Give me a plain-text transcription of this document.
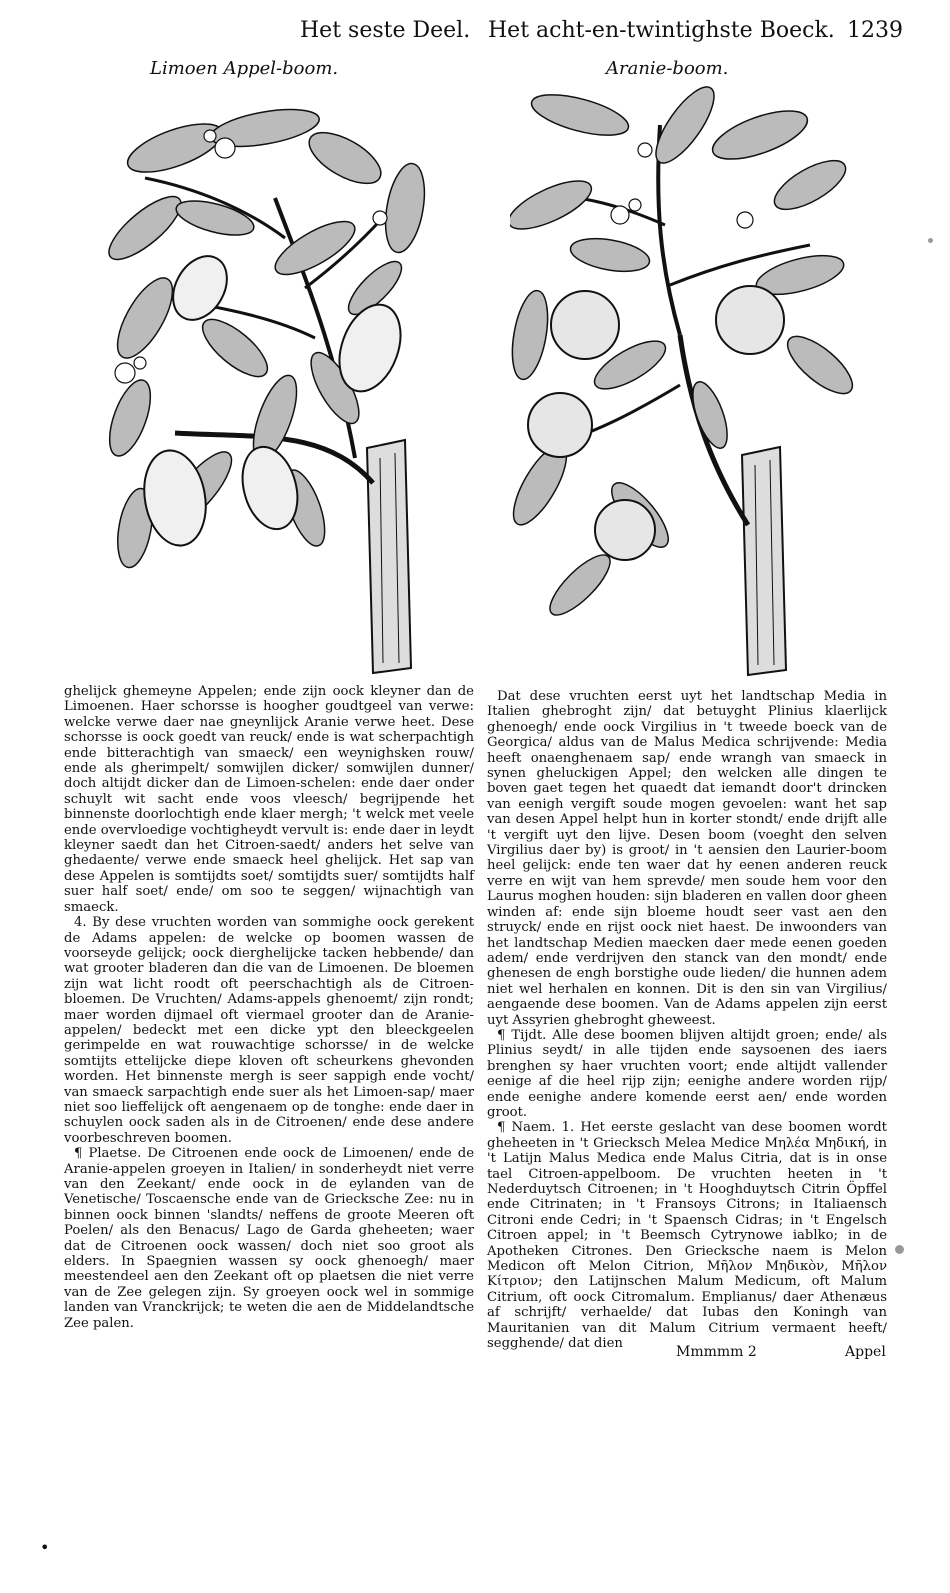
Het seste Deel. Het acht-en-twintighste Boeck. 1239
Limoen Appel-boom.	Aranie-boom.

ghelijck ghemeyne Appelen; ende zijn oock kleyner dan de Limoenen. Haer schorsse is hoogher goudtgeel van verwe: welcke verwe daer nae gneynlijck Aranie verwe heet. Dese schorsse is oock goedt van reuck/ ende is wat scherpachtigh ende bitterachtigh van smaeck/ een weynighsken rouw/ ende als gherimpelt/ somwijlen dicker/ somwijlen dunner/ doch altijdt dicker dan de Limoen-schelen: ende daer onder schuylt wit sacht ende voos vleesch/ begrijpende het binnenste doorlochtigh ende klaer mergh; 't welck met veele ende overvloedige vochtigheydt vervult is: ende daer in leydt kleyner saedt dan het Citroen-saedt/ anders het selve van ghedaente/ verwe ende smaeck heel ghelijck. Het sap van dese Appelen is somtijdts soet/ somtijdts suer/ somtijdts half suer half soet/ ende/ om soo te seggen/ wijnachtigh van smaeck.

4. By dese vruchten worden van sommighe oock gerekent de Adams appelen: de welcke op boomen wassen de voorseyde gelijck; oock dierghelijcke tacken hebbende/ dan wat grooter bladeren dan die van de Limoenen. De bloemen zijn wat licht roodt oft peerschachtigh als de Citroen-bloemen. De Vruchten/ Adams-appels ghenoemt/ zijn rondt; maer worden dijmael oft viermael grooter dan de Aranie-appelen/ bedeckt met een dicke ypt den bleeckgeelen gerimpelde en wat rouwachtige schorsse/ in de welcke somtijts ettelijcke diepe kloven oft scheurkens ghevonden worden. Het binnenste mergh is seer sappigh ende vocht/ van smaeck sarpachtigh ende suer als het Limoen-sap/ maer niet soo lieffelijck oft aengenaem op de tonghe: ende daer in schuylen oock saden als in de Citroenen/ ende dese andere voorbeschreven boomen.

¶ Plaetse. De Citroenen ende oock de Limoenen/ ende de Aranie-appelen groeyen in Italien/ in sonderheydt niet verre van den Zeekant/ ende oock in de eylanden van de Venetische/ Toscaensche ende van de Griecksche Zee: nu in binnen oock binnen 'slandts/ neffens de groote Meeren oft Poelen/ als den Benacus/ Lago de Garda gheheeten; waer dat de Citroenen oock wassen/ doch niet soo groot als elders. In Spaegnien wassen sy oock ghenoegh/ maer meestendeel aen den Zeekant oft op plaetsen die niet verre van de Zee gelegen zijn. Sy groeyen oock wel in sommige landen van Vranckrijck; te weten die aen de Middelandtsche Zee palen.

Dat dese vruchten eerst uyt het landtschap Media in Italien ghebroght zijn/ dat betuyght Plinius klaerlijck ghenoegh/ ende oock Virgilius in 't tweede boeck van de Georgica/ aldus van de Malus Medica schrijvende: Media heeft onaenghenaem sap/ ende wrangh van smaeck in synen gheluckigen Appel; den welcken alle dingen te boven gaet tegen het quaedt dat iemandt door't drincken van eenigh vergift soude mogen gevoelen: want het sap van desen Appel helpt hun in korter stondt/ ende drijft alle 't vergift uyt den lijve. Desen boom (voeght den selven Virgilius daer by) is groot/ in 't aensien den Laurier-boom heel gelijck: ende ten waer dat hy eenen anderen reuck verre en wijt van hem sprevde/ men soude hem voor den Laurus moghen houden: sijn bladeren en vallen door gheen winden af: ende sijn bloeme houdt seer vast aen den struyck/ ende en rijst oock niet haest. De inwoonders van het landtschap Medien maecken daer mede eenen goeden adem/ ende verdrijven den stanck van den mondt/ ende ghenesen de engh borstighe oude lieden/ die hunnen adem niet wel herhalen en konnen. Dit is den sin van Virgilius/ aengaende dese boomen. Van de Adams appelen zijn eerst uyt Assyrien ghebroght gheweest.

¶ Tijdt. Alle dese boomen blijven altijdt groen; ende/ als Plinius seydt/ in alle tijden ende saysoenen des iaers brenghen sy haer vruchten voort; ende altijdt vallender eenige af die heel rijp zijn; eenighe andere worden rijp/ ende eenighe andere komende eerst aen/ ende worden groot.

¶ Naem. 1. Het eerste geslacht van dese boomen wordt gheheeten in 't Griecksch Melea Medice Μηλέα Μηδική, in 't Latijn Malus Medica ende Malus Citria, dat is in onse tael Citroen-appelboom. De vruchten heeten in 't Nederduytsch Citroenen; in 't Hooghduytsch Citrin Öpffel ende Citrinaten; in 't Fransoys Citrons; in Italiaensch Citroni ende Cedri; in 't Spaensch Cidras; in 't Engelsch Citroen appel; in 't Beemsch Cytrynowe iablko; in de Apotheken Citrones. Den Griecksche naem is Melon Medicon oft Melon Citrion, Μῆλον Μηδικὸν, Μῆλον Κίτριον; den Latijnschen Malum Medicum, oft Malum Citrium, oft oock Citromalum. Emplianus/ daer Athenæus af schrijft/ verhaelde/ dat Iubas den Koningh van Mauritanien van dit Malum Citrium vermaent heeft/ segghende/ dat dien

Mmmmm 2	Appel
•
